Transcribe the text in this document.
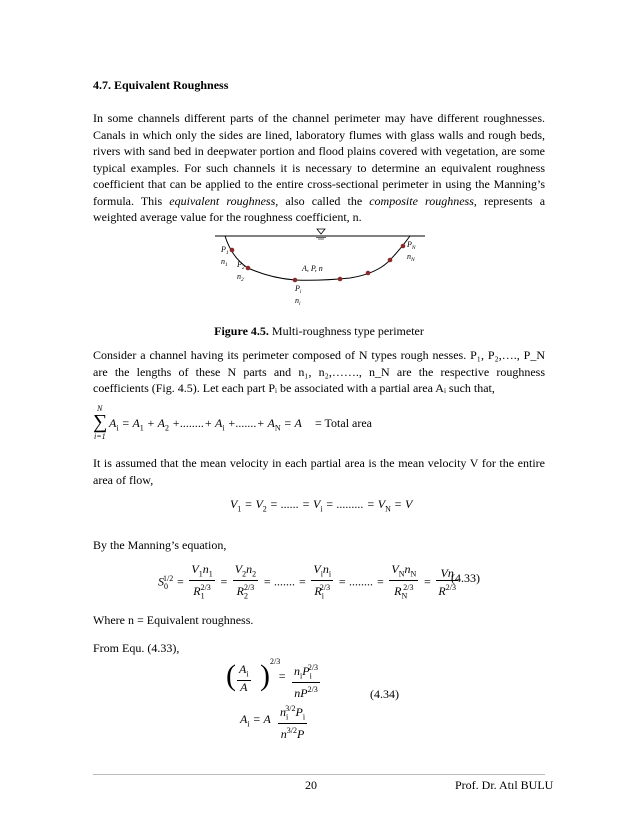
4.7. Equivalent Roughness

In some channels different parts of the channel perimeter may have different roughnesses. Canals in which only the sides are lined, laboratory flumes with glass walls and rough beds, rivers with sand bed in deepwater portion and flood plains covered with vegetation, are some typical examples. For such channels it is necessary to determine an equivalent roughness coefficient that can be applied to the entire cross-sectional perimeter in using the Manning’s formula. This equivalent roughness, also called the composite roughness, represents a weighted average value for the roughness coefficient, n.

$P_1$
$n_1$ $P_2$
$n_2$
A, P, n
$P_i$
$n_i$
$P_N$
$n_N$
Figure 4.5. Multi-roughness type perimeter

Consider a channel having its perimeter composed of N types rough nesses. P₁, P₂,…., P_N are the lengths of these N parts and n₁, n₂,……., n_N are the respective roughness coefficients (Fig. 4.5). Let each part Pᵢ be associated with a partial area Aᵢ such that,

N
∑
i=1
$A_i = A_1 + A_2$ +........+ $A_i$ +.......+ $A_N = A$ = Total area

It is assumed that the mean velocity in each partial area is the mean velocity V for the entire area of flow,

$V_1 = V_2$ = ...... = $V_i$ = ......... = $V_N = V$

By the Manning’s equation,

$S_0^{1/2} = \frac{V_1n_1}{R_1^{2/3}} = \frac{V_2n_2}{R_2^{2/3}}$ = ....... = $\frac{V_in_i}{R_i^{2/3}}$ = ........ = $\frac{V_Nn_N}{R_N^{2/3}} = \frac{Vn}{R^{2/3}}$
(4.33)

Where n = Equivalent roughness.

From Equ. (4.33),

( $\frac{A_i}{A}$ ) 2/3
= $\frac{n_iP_i^{2/3}}{nP^{2/3}}$	(4.34)
$A_i = A \frac{n_i^{3/2}P_i}{n^{3/2}P}$
20	Prof. Dr. Atıl BULU
